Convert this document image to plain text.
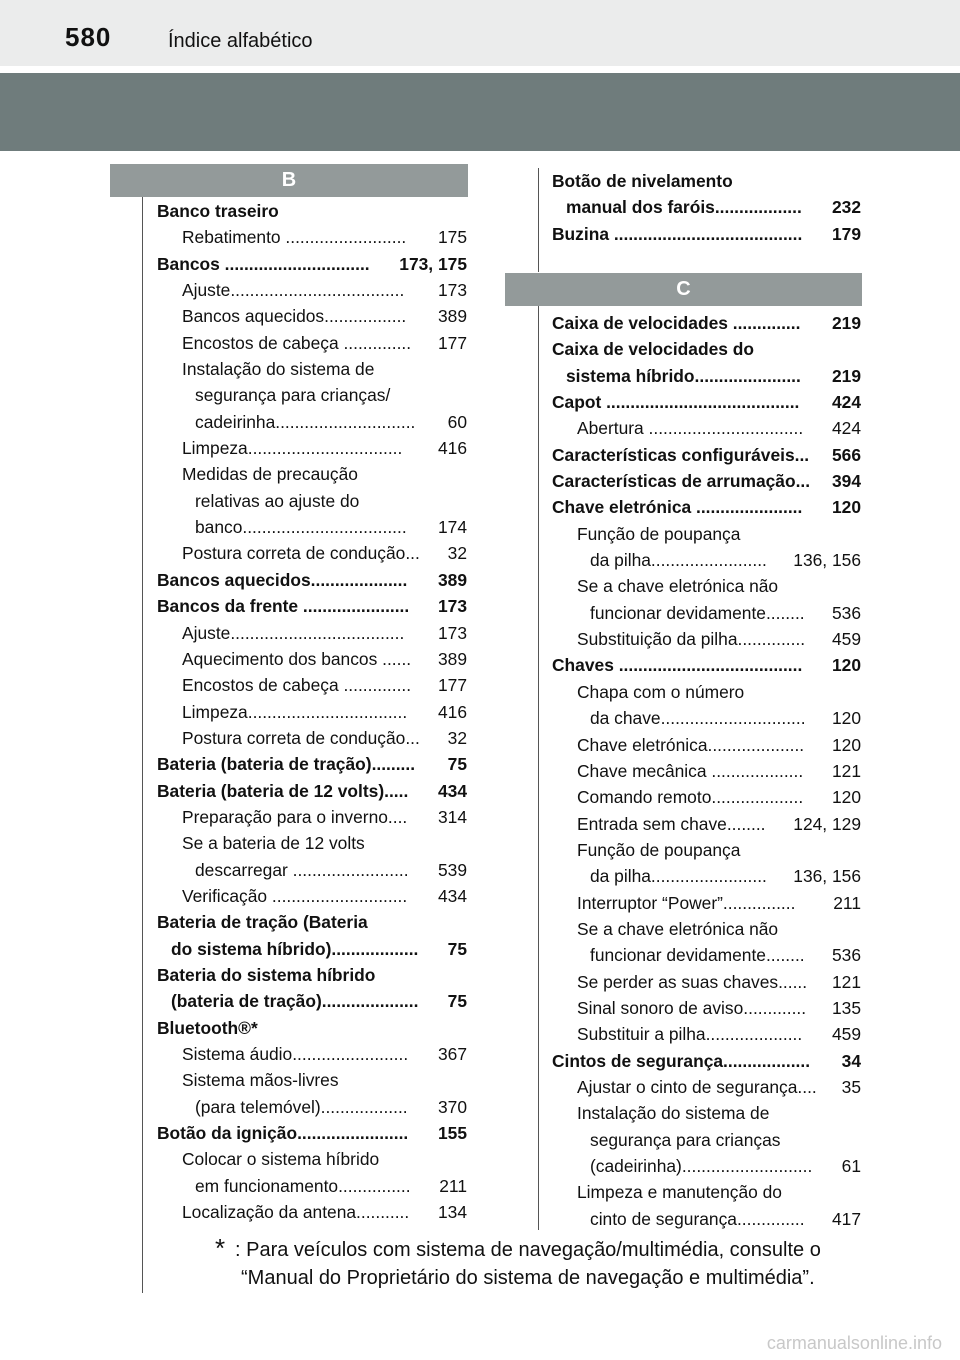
580	Índice alfabético
B
Banco traseiro
Rebatimento ......................... 175
Bancos .............................. 173, 175
Ajuste.................................... 173
Bancos aquecidos................. 389
Encostos de cabeça .............. 177
Instalação do sistema de
segurança para crianças/
cadeirinha............................. 60
Limpeza................................ 416
Medidas de precaução
relativas ao ajuste do
banco.................................. 174
Postura correta de condução... 32
Bancos aquecidos.................... 389
Bancos da frente ...................... 173
Ajuste.................................... 173
Aquecimento dos bancos ...... 389
Encostos de cabeça .............. 177
Limpeza................................. 416
Postura correta de condução... 32
Bateria (bateria de tração)......... 75
Bateria (bateria de 12 volts)..... 434
Preparação para o inverno.... 314
Se a bateria de 12 volts
descarregar ........................ 539
Verificação ............................ 434
Bateria de tração (Bateria
do sistema híbrido).................. 75
Bateria do sistema híbrido
(bateria de tração).................... 75
Bluetooth®*
Sistema áudio........................ 367
Sistema mãos-livres
(para telemóvel).................. 370
Botão da ignição....................... 155
Colocar o sistema híbrido
em funcionamento............... 211
Localização da antena........... 134
Botão de nivelamento
manual dos faróis.................. 232
Buzina ....................................... 179
C
Caixa de velocidades .............. 219
Caixa de velocidades do
sistema híbrido...................... 219
Capot ........................................ 424
Abertura ................................ 424
Características configuráveis... 566
Características de arrumação... 394
Chave eletrónica ...................... 120
Função de poupança
da pilha........................ 136, 156
Se a chave eletrónica não
funcionar devidamente........ 536
Substituição da pilha.............. 459
Chaves ...................................... 120
Chapa com o número
da chave.............................. 120
Chave eletrónica.................... 120
Chave mecânica ................... 121
Comando remoto................... 120
Entrada sem chave........ 124, 129
Função de poupança
da pilha........................ 136, 156
Interruptor “Power”............... 211
Se a chave eletrónica não
funcionar devidamente........ 536
Se perder as suas chaves...... 121
Sinal sonoro de aviso............. 135
Substituir a pilha.................... 459
Cintos de segurança.................. 34
Ajustar o cinto de segurança.... 35
Instalação do sistema de
segurança para crianças
(cadeirinha)........................... 61
Limpeza e manutenção do
cinto de segurança.............. 417
* : Para veículos com sistema de navegação/multimédia, consulte o
“Manual do Proprietário do sistema de navegação e multimédia”.
carmanualsonline.info
